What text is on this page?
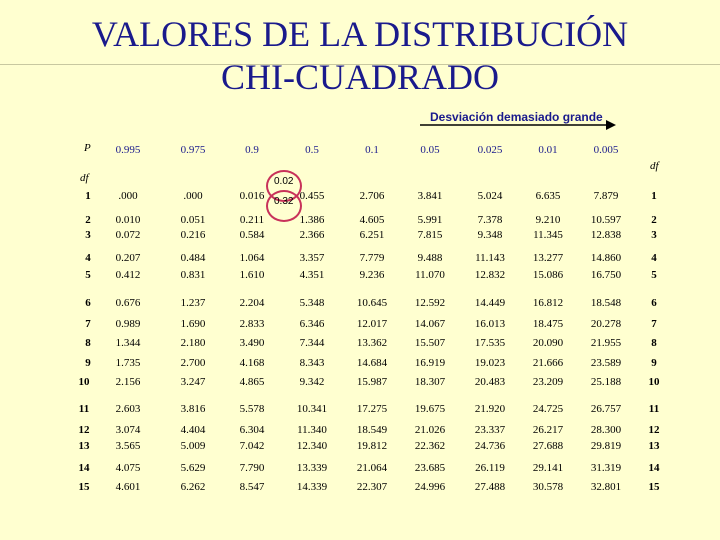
VALORES DE LA DISTRIBUCIÓN
CHI-CUADRADO
Desviación demasiado grande
P
df
df
0.995	0.975	0.9	0.5	0.1	0.05	0.025	0.01	0.005
1	.000	.000	0.016	0.455	2.706	3.841	5.024	6.635	7.879	1
2 0.010	0.051	0.211	1.386	4.605	5.991	7.378	9.210	10.597	2
3 0.072	0.216	0.584	2.366	6.251	7.815	9.348	11.345	12.838	3
4 0.207	0.484	1.064	3.357	7.779	9.488	11.143	13.277	14.860	4
5 0.412	0.831	1.610	4.351	9.236	11.070	12.832	15.086	16.750	5
6 0.676	1.237	2.204	5.348	10.645	12.592	14.449	16.812	18.548	6
7 0.989	1.690	2.833	6.346	12.017	14.067	16.013	18.475	20.278	7
8 1.344	2.180	3.490	7.344	13.362	15.507	17.535	20.090	21.955	8
9 1.735	2.700	4.168	8.343	14.684	16.919	19.023	21.666	23.589	9
10 2.156	3.247	4.865	9.342	15.987	18.307	20.483	23.209	25.188 10
11 2.603	3.816	5.578	10.341	17.275	19.675	21.920	24.725	26.757	11
12 3.074	4.404	6.304	11.340	18.549	21.026	23.337	26.217	28.300 12
13 3.565	5.009	7.042	12.340	19.812	22.362	24.736	27.688	29.819 13
14 4.075	5.629	7.790	13.339	21.064	23.685	26.119	29.141	31.319 14
15 4.601	6.262	8.547	14.339	22.307	24.996	27.488	30.578	32.801 15
0.02
0.32
